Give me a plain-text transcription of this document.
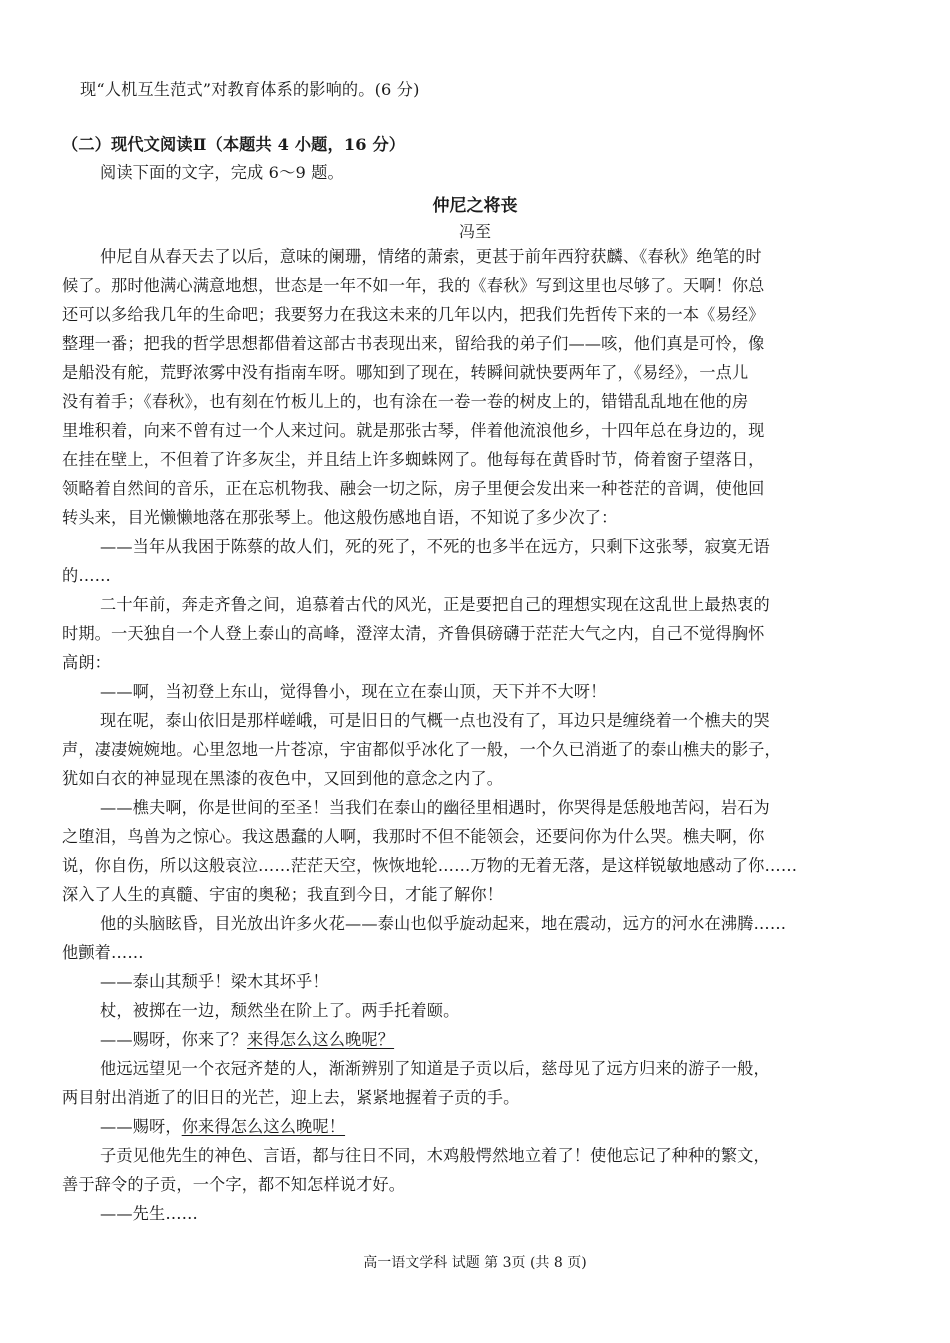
现“人机互生范式”对教育体系的影响的。(6 分)
（二）现代文阅读Ⅱ（本题共 4 小题，16 分）
阅读下面的文字，完成 6～9 题。
仲尼之将丧
冯至
仲尼自从春天去了以后，意味的阑珊，情绪的萧索，更甚于前年西狩获麟、《春秋》绝笔的时
候了。那时他满心满意地想，世态是一年不如一年，我的《春秋》写到这里也尽够了。天啊！你总
还可以多给我几年的生命吧；我要努力在我这未来的几年以内，把我们先哲传下来的一本《易经》
整理一番；把我的哲学思想都借着这部古书表现出来，留给我的弟子们——咳，他们真是可怜，像
是船没有舵，荒野浓雾中没有指南车呀。哪知到了现在，转瞬间就快要两年了，《易经》，一点儿
没有着手；《春秋》，也有刻在竹板儿上的，也有涂在一卷一卷的树皮上的，错错乱乱地在他的房
里堆积着，向来不曾有过一个人来过问。就是那张古琴，伴着他流浪他乡，十四年总在身边的，现
在挂在壁上，不但着了许多灰尘，并且结上许多蜘蛛网了。他每每在黄昏时节，倚着窗子望落日，
领略着自然间的音乐，正在忘机物我、融会一切之际，房子里便会发出来一种苍茫的音调，使他回
转头来，目光懒懒地落在那张琴上。他这般伤感地自语，不知说了多少次了：
——当年从我困于陈蔡的故人们，死的死了，不死的也多半在远方，只剩下这张琴，寂寞无语
的……
二十年前，奔走齐鲁之间，追慕着古代的风光，正是要把自己的理想实现在这乱世上最热衷的
时期。一天独自一个人登上泰山的高峰，澄滓太清，齐鲁俱磅礴于茫茫大气之内，自己不觉得胸怀
高朗：
——啊，当初登上东山，觉得鲁小，现在立在泰山顶，天下并不大呀！
现在呢，泰山依旧是那样嵯峨，可是旧日的气概一点也没有了，耳边只是缠绕着一个樵夫的哭
声，凄凄婉婉地。心里忽地一片苍凉，宇宙都似乎冰化了一般，一个久已消逝了的泰山樵夫的影子，
犹如白衣的神显现在黑漆的夜色中，又回到他的意念之内了。
——樵夫啊，你是世间的至圣！当我们在泰山的幽径里相遇时，你哭得是恁般地苦闷，岩石为
之堕泪，鸟兽为之惊心。我这愚蠢的人啊，我那时不但不能领会，还要问你为什么哭。樵夫啊，你
说，你自伤，所以这般哀泣……茫茫天空，恢恢地轮……万物的无着无落，是这样锐敏地感动了你……
深入了人生的真髓、宇宙的奥秘；我直到今日，才能了解你！
他的头脑眩昏，目光放出许多火花——泰山也似乎旋动起来，地在震动，远方的河水在沸腾……
他颤着……
——泰山其颓乎！梁木其坏乎！
杖，被掷在一边，颓然坐在阶上了。两手托着颐。
——赐呀，你来了？来得怎么这么晚呢？
他远远望见一个衣冠齐楚的人，渐渐辨别了知道是子贡以后，慈母见了远方归来的游子一般，
两目射出消逝了的旧日的光芒，迎上去，紧紧地握着子贡的手。
——赐呀，你来得怎么这么晚呢！
子贡见他先生的神色、言语，都与往日不同，木鸡般愕然地立着了！使他忘记了种种的繁文，
善于辞令的子贡，一个字，都不知怎样说才好。
——先生……
高一语文学科 试题 第 3页 (共 8 页)
